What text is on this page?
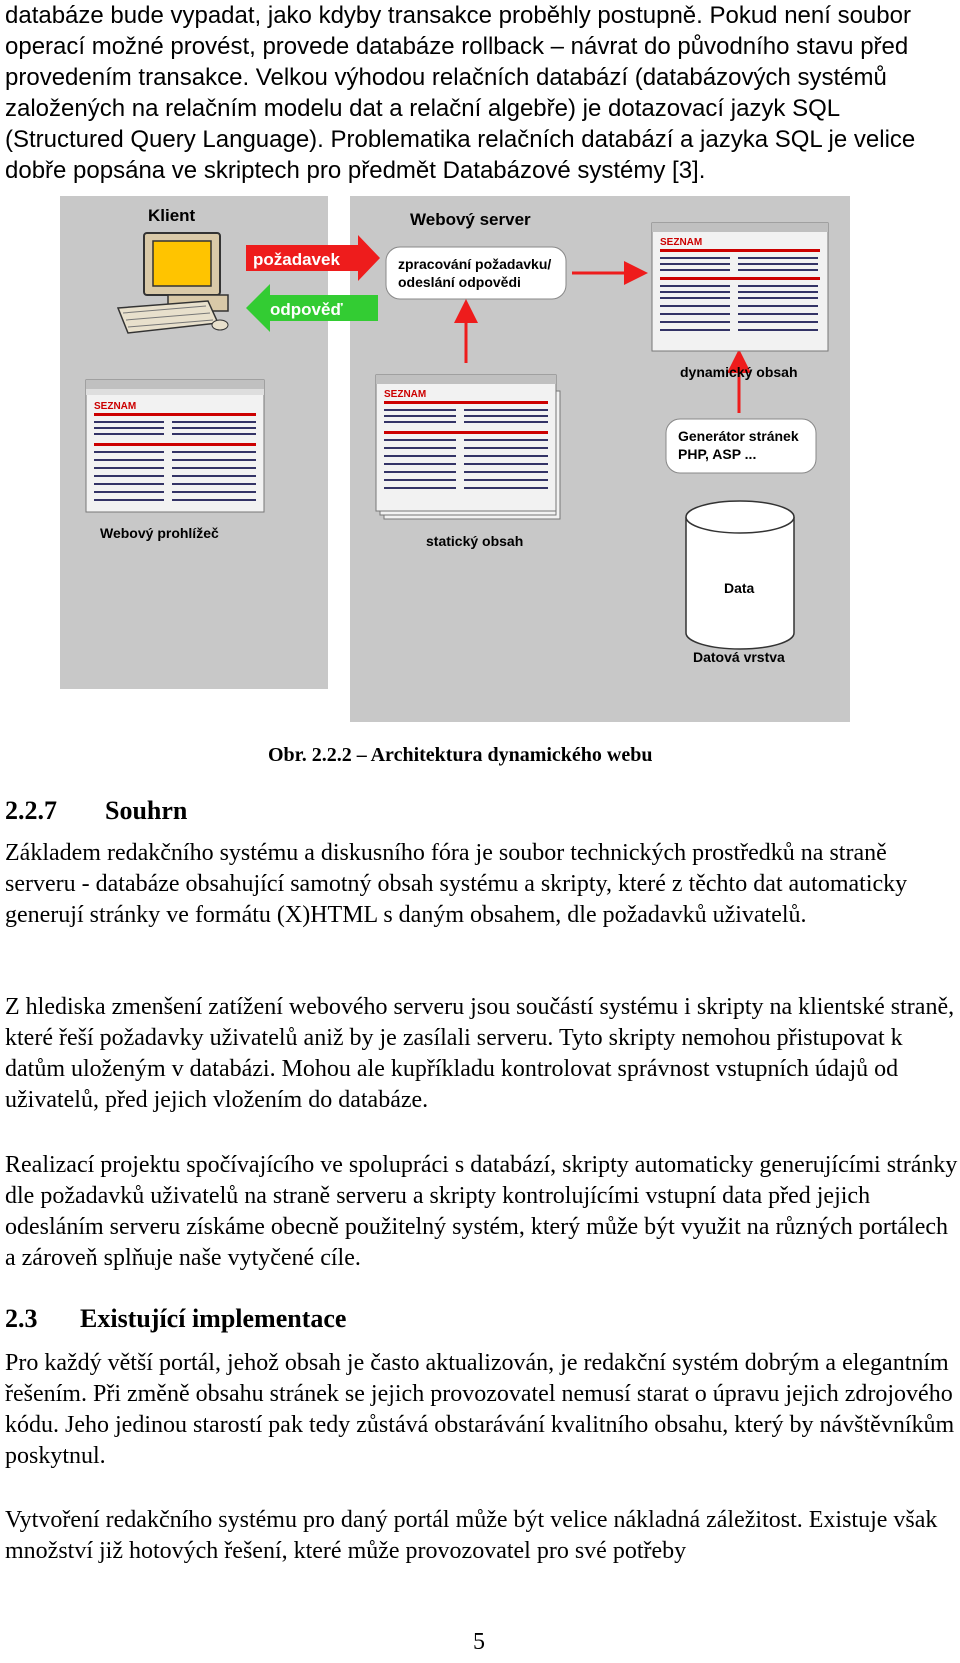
databáze bude vypadat, jako kdyby transakce proběhly postupně. Pokud není soubor operací možné provést, provede databáze rollback – návrat do původního stavu před provedením transakce. Velkou výhodou relačních databází (databázových systémů založených na relačním modelu dat a relační algebře) je dotazovací jazyk SQL (Structured Query Language). Problematika relačních databází a jazyka SQL je velice dobře popsána ve skriptech pro předmět Databázové systémy [3].

Klient	Webový server
požadavek
odpověď
zpracování požadavku/ odeslání odpovědi
SEZNAM
dynamický obsah
Generátor stránek PHP, ASP ...
Data
Datová vrstva
SEZNAM
statický obsah
SEZNAM
Webový prohlížeč
Obr. 2.2.2 – Architektura dynamického webu
2.2.7 Souhrn

Základem redakčního systému a diskusního fóra je soubor technických prostředků na straně serveru - databáze obsahující samotný obsah systému a skripty, které z těchto dat automaticky generují stránky ve formátu (X)HTML s daným obsahem, dle požadavků uživatelů.

Z hlediska zmenšení zatížení webového serveru jsou součástí systému i skripty na klientské straně, které řeší požadavky uživatelů aniž by je zasílali serveru. Tyto skripty nemohou přistupovat k datům uloženým v databázi. Mohou ale kupříkladu kontrolovat správnost vstupních údajů od uživatelů, před jejich vložením do databáze.

Realizací projektu spočívajícího ve spolupráci s databází, skripty automaticky generujícími stránky dle požadavků uživatelů na straně serveru a skripty kontrolujícími vstupní data před jejich odesláním serveru získáme obecně použitelný systém, který může být využit na různých portálech a zároveň splňuje naše vytyčené cíle.

2.3 Existující implementace

Pro každý větší portál, jehož obsah je často aktualizován, je redakční systém dobrým a elegantním řešením. Při změně obsahu stránek se jejich provozovatel nemusí starat o úpravu jejich zdrojového kódu. Jeho jedinou starostí pak tedy zůstává obstarávání kvalitního obsahu, který by návštěvníkům poskytnul.

Vytvoření redakčního systému pro daný portál může být velice nákladná záležitost. Existuje však množství již hotových řešení, které může provozovatel pro své potřeby

5
